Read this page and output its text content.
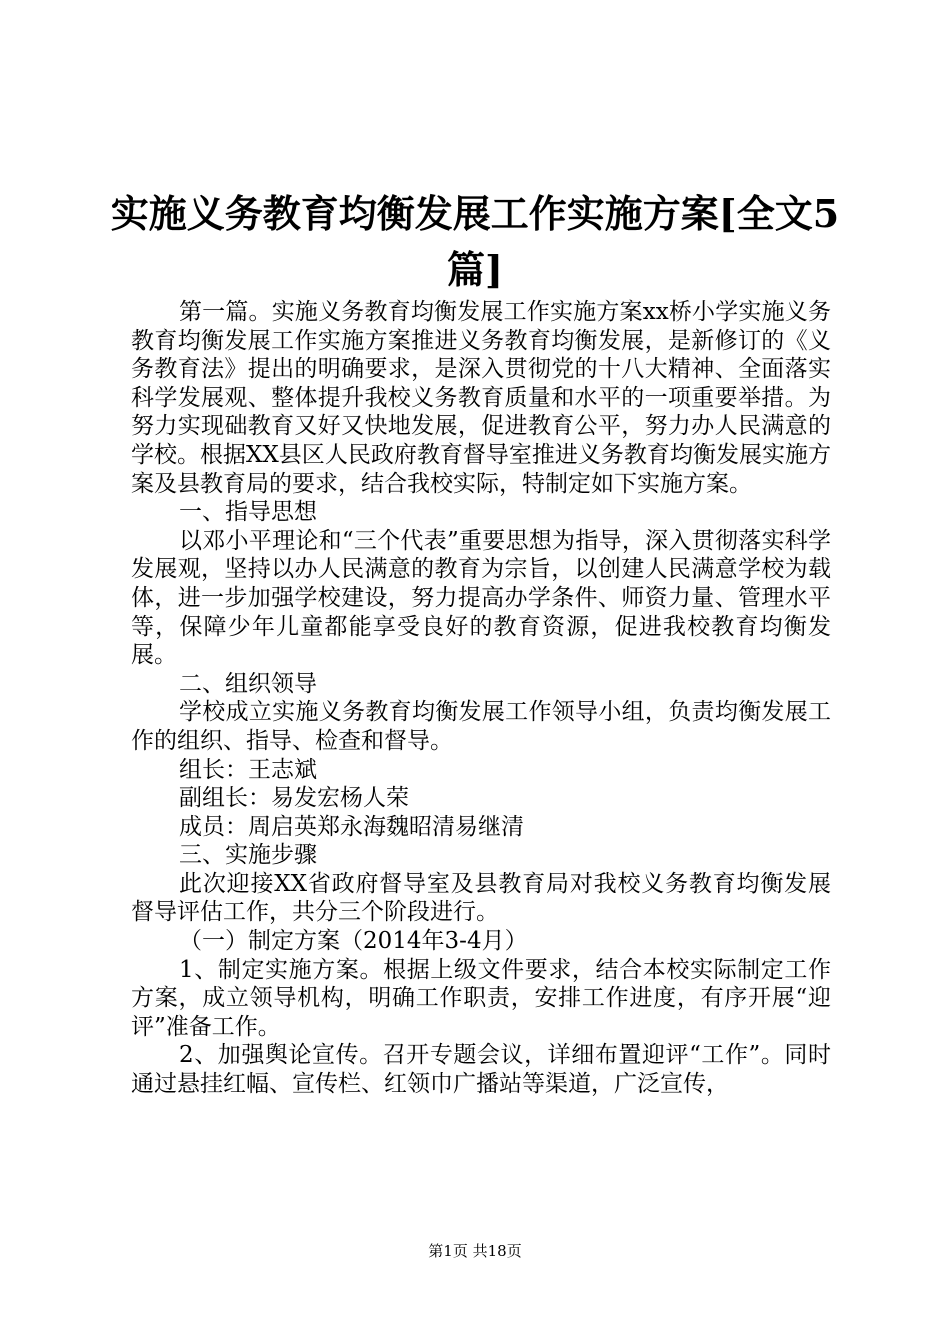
实施义务教育均衡发展工作实施方案[全文5
篇]

第一篇。实施义务教育均衡发展工作实施方案xx桥小学实施义务教育均衡发展工作实施方案推进义务教育均衡发展，是新修订的《义务教育法》提出的明确要求，是深入贯彻党的十八大精神、全面落实科学发展观、整体提升我校义务教育质量和水平的一项重要举措。为努力实现础教育又好又快地发展，促进教育公平，努力办人民满意的学校。根据XX县区人民政府教育督导室推进义务教育均衡发展实施方案及县教育局的要求，结合我校实际，特制定如下实施方案。

一、指导思想

以邓小平理论和“三个代表”重要思想为指导，深入贯彻落实科学发展观，坚持以办人民满意的教育为宗旨，以创建人民满意学校为载体，进一步加强学校建设，努力提高办学条件、师资力量、管理水平等，保障少年儿童都能享受良好的教育资源，促进我校教育均衡发展。

二、组织领导

学校成立实施义务教育均衡发展工作领导小组，负责均衡发展工作的组织、指导、检查和督导。

组长：王志斌

副组长：易发宏杨人荣

成员：周启英郑永海魏昭清易继清

三、实施步骤

此次迎接XX省政府督导室及县教育局对我校义务教育均衡发展督导评估工作，共分三个阶段进行。

（一）制定方案（2014年3-4月）

1、制定实施方案。根据上级文件要求，结合本校实际制定工作方案，成立领导机构，明确工作职责，安排工作进度，有序开展“迎评”准备工作。

2、加强舆论宣传。召开专题会议，详细布置迎评“工作”。同时通过悬挂红幅、宣传栏、红领巾广播站等渠道，广泛宣传，

第1页 共18页
